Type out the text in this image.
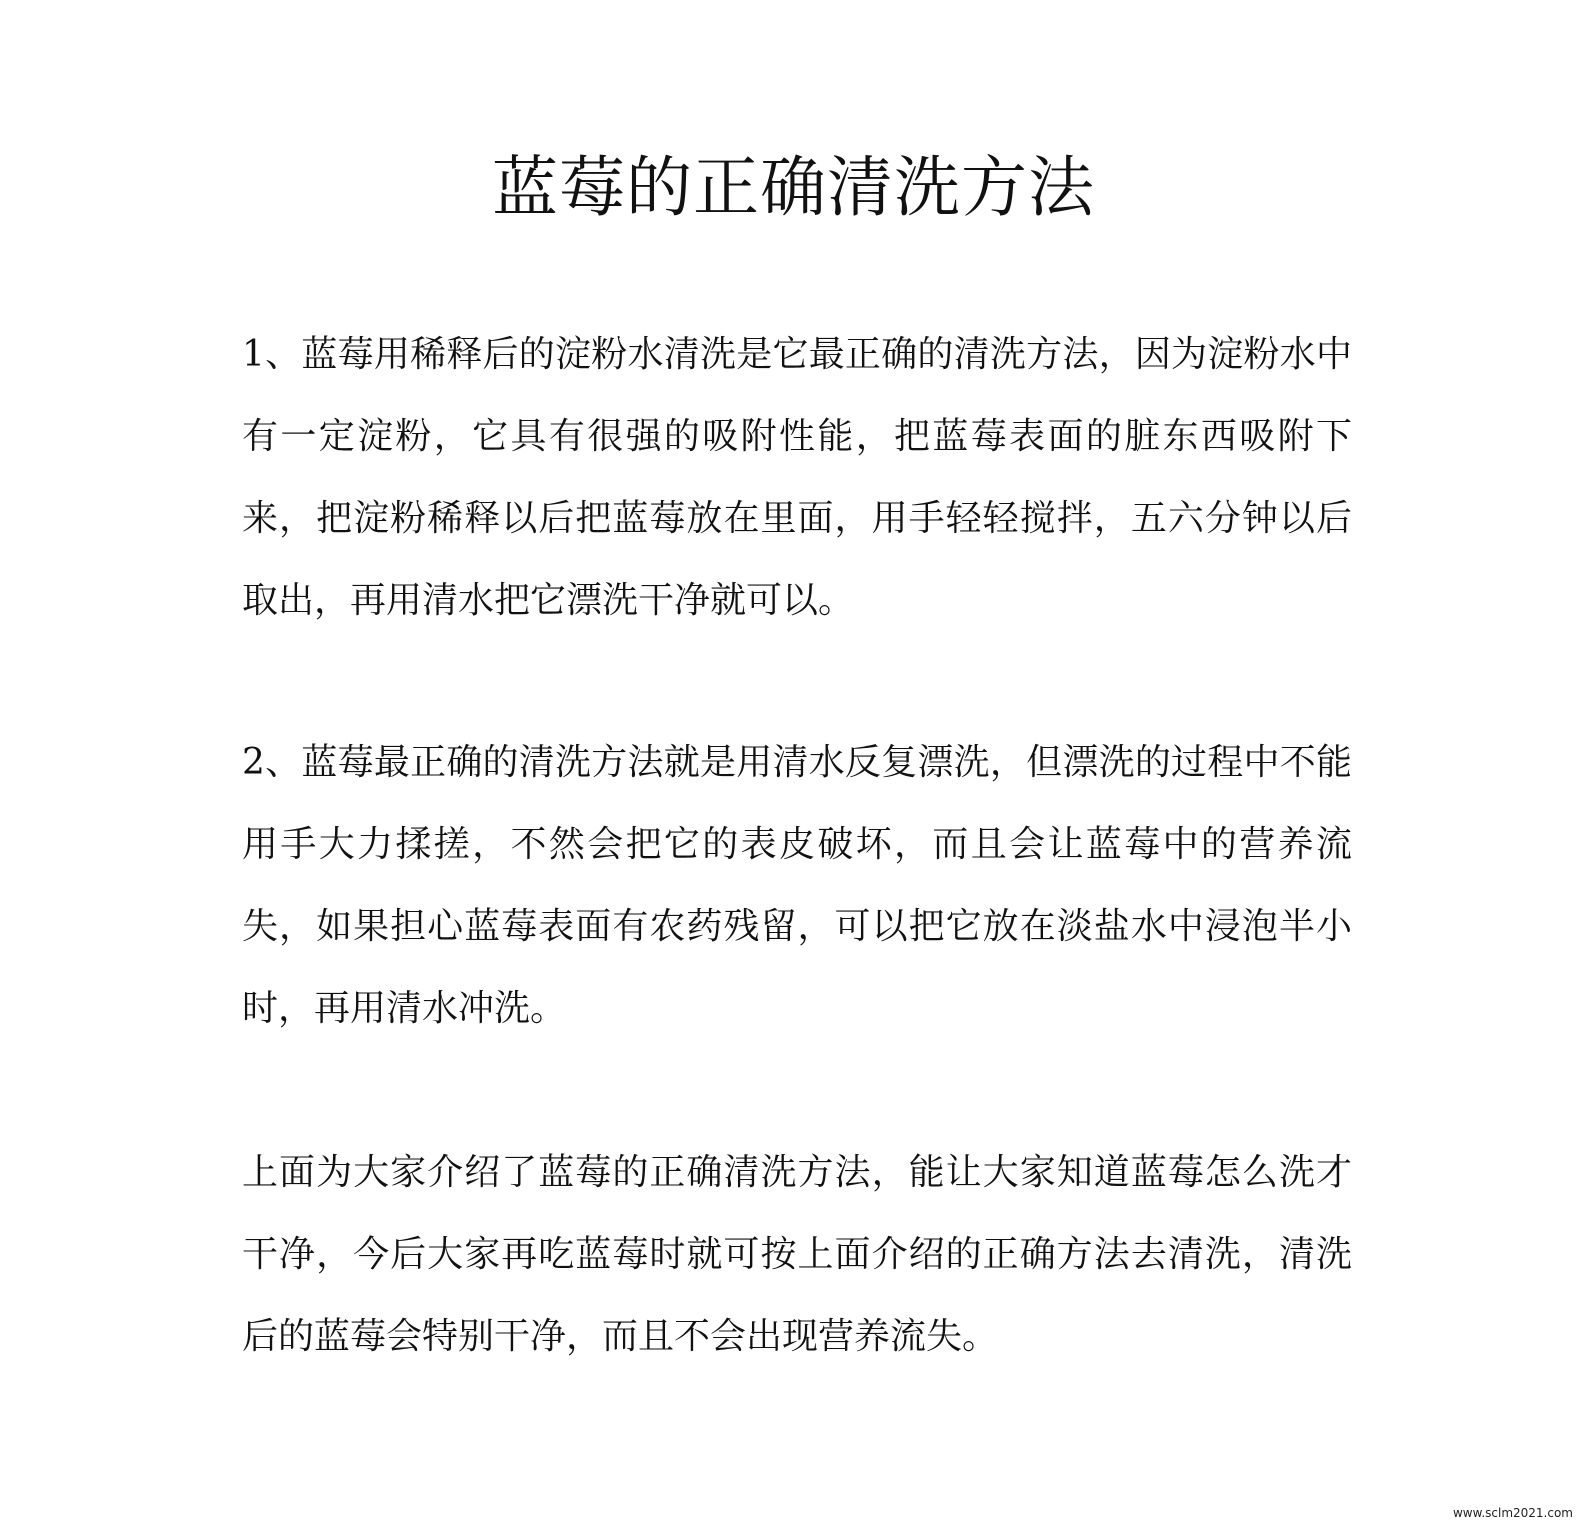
蓝莓的正确清洗方法

1、蓝莓用稀释后的淀粉水清洗是它最正确的清洗方法，因为淀粉水中有一定淀粉，它具有很强的吸附性能，把蓝莓表面的脏东西吸附下来，把淀粉稀释以后把蓝莓放在里面，用手轻轻搅拌，五六分钟以后取出，再用清水把它漂洗干净就可以。

2、蓝莓最正确的清洗方法就是用清水反复漂洗，但漂洗的过程中不能用手大力揉搓，不然会把它的表皮破坏，而且会让蓝莓中的营养流失，如果担心蓝莓表面有农药残留，可以把它放在淡盐水中浸泡半小时，再用清水冲洗。

上面为大家介绍了蓝莓的正确清洗方法，能让大家知道蓝莓怎么洗才干净，今后大家再吃蓝莓时就可按上面介绍的正确方法去清洗，清洗后的蓝莓会特别干净，而且不会出现营养流失。

www.sclm2021.com
